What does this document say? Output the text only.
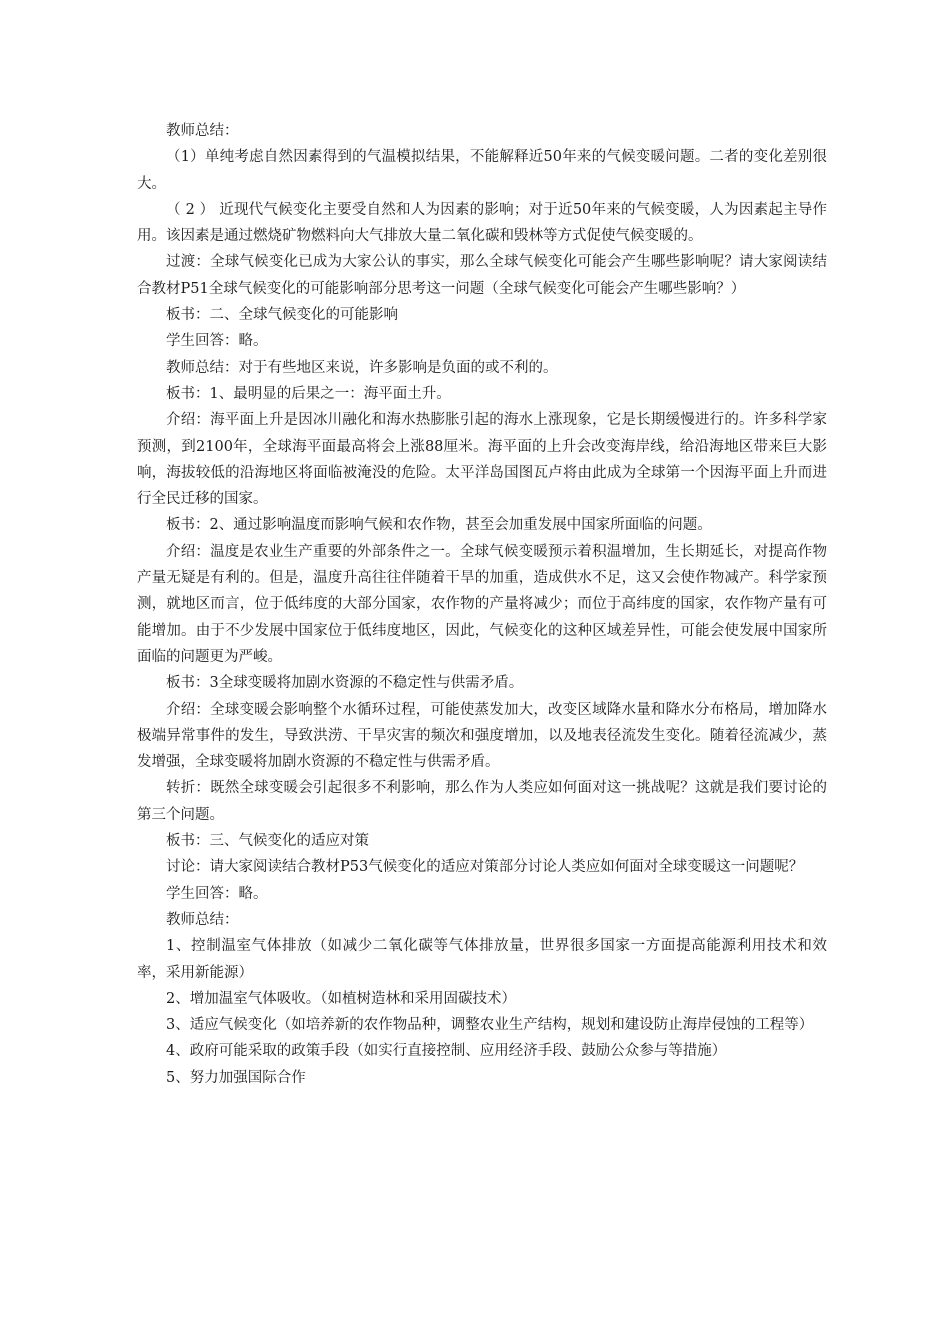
教师总结：

（1）单纯考虑自然因素得到的气温模拟结果，不能解释近50年来的气候变暖问题。二者的变化差别很大。

（ 2 ） 近现代气候变化主要受自然和人为因素的影响；对于近50年来的气候变暖，人为因素起主导作用。该因素是通过燃烧矿物燃料向大气排放大量二氧化碳和毁林等方式促使气候变暖的。

过渡：全球气候变化已成为大家公认的事实，那么全球气候变化可能会产生哪些影响呢？请大家阅读结合教材P51全球气候变化的可能影响部分思考这一问题（全球气候变化可能会产生哪些影响？）

板书：二、全球气候变化的可能影响

学生回答：略。

教师总结：对于有些地区来说，许多影响是负面的或不利的。

板书：1、最明显的后果之一：海平面土升。

介绍：海平面上升是因冰川融化和海水热膨胀引起的海水上涨现象，它是长期缓慢进行的。许多科学家预测，到2100年，全球海平面最高将会上涨88厘米。海平面的上升会改变海岸线，给沿海地区带来巨大影响，海拔较低的沿海地区将面临被淹没的危险。太平洋岛国图瓦卢将由此成为全球第一个因海平面上升而进行全民迁移的国家。

板书：2、通过影响温度而影响气候和农作物，甚至会加重发展中国家所面临的问题。

介绍：温度是农业生产重要的外部条件之一。全球气候变暖预示着积温增加，生长期延长，对提高作物产量无疑是有利的。但是，温度升高往往伴随着干旱的加重，造成供水不足，这又会使作物减产。科学家预测，就地区而言，位于低纬度的大部分国家，农作物的产量将减少；而位于高纬度的国家，农作物产量有可能增加。由于不少发展中国家位于低纬度地区，因此，气候变化的这种区域差异性，可能会使发展中国家所面临的问题更为严峻。

板书：3全球变暖将加剧水资源的不稳定性与供需矛盾。

介绍：全球变暖会影响整个水循环过程，可能使蒸发加大，改变区域降水量和降水分布格局，增加降水极端异常事件的发生，导致洪涝、干旱灾害的频次和强度增加，以及地表径流发生变化。随着径流减少，蒸发增强，全球变暖将加剧水资源的不稳定性与供需矛盾。

转折：既然全球变暖会引起很多不利影响，那么作为人类应如何面对这一挑战呢？这就是我们要讨论的第三个问题。

板书：三、气候变化的适应对策

讨论：请大家阅读结合教材P53气候变化的适应对策部分讨论人类应如何面对全球变暖这一问题呢？

学生回答：略。

教师总结：

1、控制温室气体排放（如减少二氧化碳等气体排放量，世界很多国家一方面提高能源利用技术和效率，采用新能源）

2、增加温室气体吸收。（如植树造林和采用固碳技术）

3、适应气候变化（如培养新的农作物品种，调整农业生产结构，规划和建设防止海岸侵蚀的工程等）

4、政府可能采取的政策手段（如实行直接控制、应用经济手段、鼓励公众参与等措施）

5、努力加强国际合作
